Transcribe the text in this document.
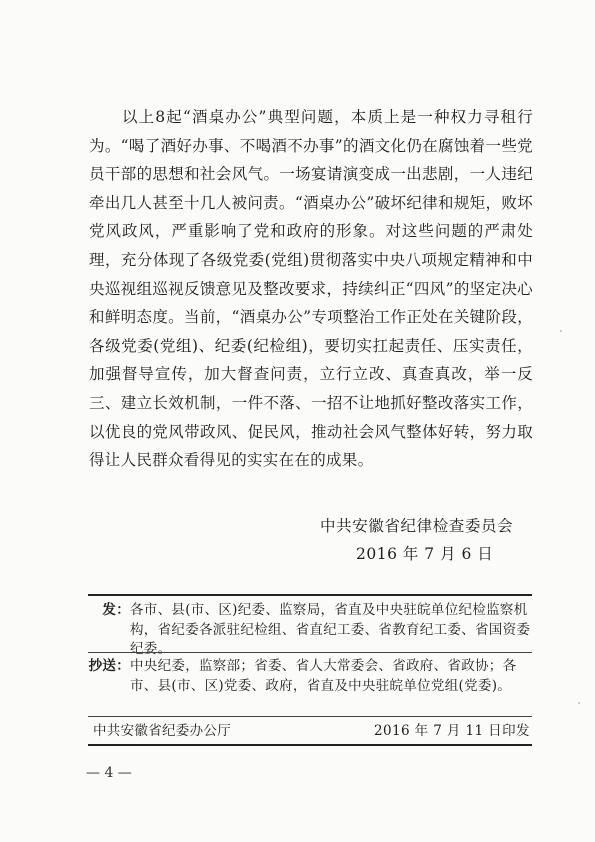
以上8起“酒桌办公”典型问题，本质上是一种权力寻租行为。“喝了酒好办事、不喝酒不办事”的酒文化仍在腐蚀着一些党员干部的思想和社会风气。一场宴请演变成一出悲剧，一人违纪牵出几人甚至十几人被问责。“酒桌办公”破坏纪律和规矩，败坏党风政风，严重影响了党和政府的形象。对这些问题的严肃处理，充分体现了各级党委(党组)贯彻落实中央八项规定精神和中央巡视组巡视反馈意见及整改要求，持续纠正“四风”的坚定决心和鲜明态度。当前，“酒桌办公”专项整治工作正处在关键阶段，各级党委(党组)、纪委(纪检组)，要切实扛起责任、压实责任，加强督导宣传，加大督查问责，立行立改、真查真改，举一反三、建立长效机制，一件不落、一招不让地抓好整改落实工作，以优良的党风带政风、促民风，推动社会风气整体好转，努力取得让人民群众看得见的实实在在的成果。

中共安徽省纪律检查委员会
2016 年 7 月 6 日
发： 各市、县(市、区)纪委、监察局，省直及中央驻皖单位纪检监察机构，省纪委各派驻纪检组、省直纪工委、省教育纪工委、省国资委纪委。
抄送： 中央纪委，监察部；省委、省人大常委会、省政府、省政协；各市、县(市、区)党委、政府，省直及中央驻皖单位党组(党委)。
中共安徽省纪委办公厅	2016 年 7 月 11 日印发
— 4 —
